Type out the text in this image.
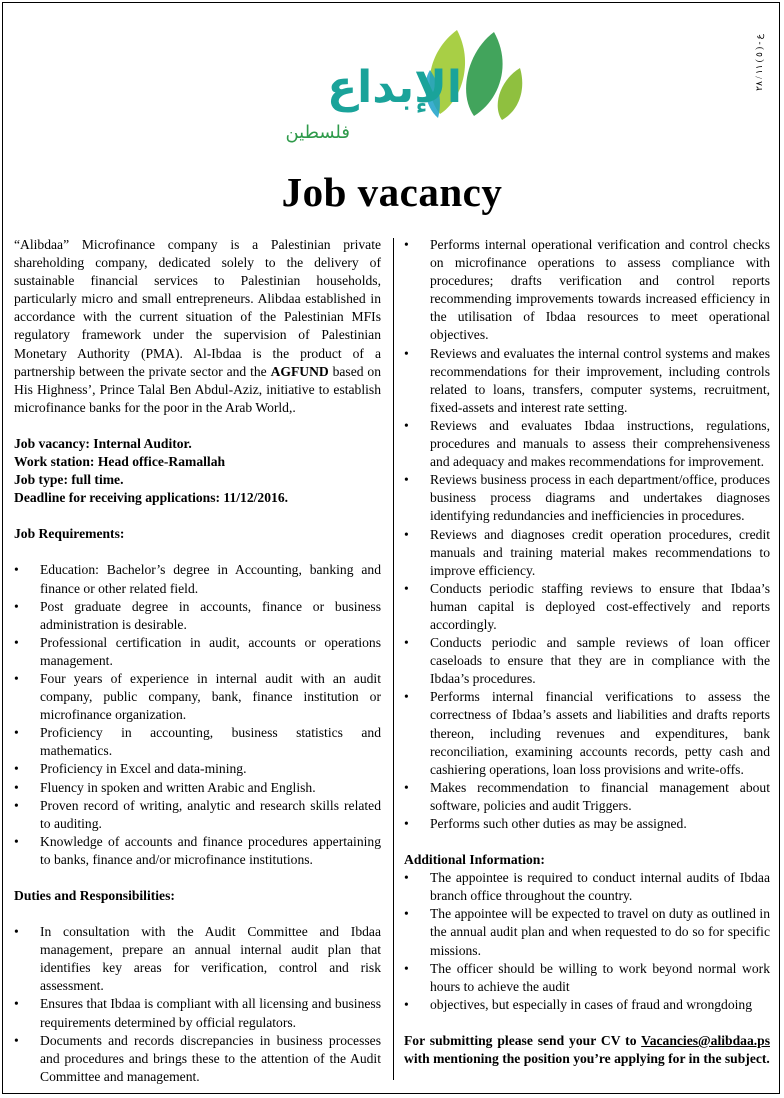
الإبداع
فلسطين
ع - ( ٥ ) ١١ / ٢٨
Job vacancy

“Alibdaa” Microfinance company is a Palestinian private shareholding company, dedicated solely to the delivery of sustainable financial services to Palestinian households, particularly micro and small entrepreneurs. Alibdaa established in accordance with the current situation of the Palestinian MFIs regulatory framework under the supervision of Palestinian Monetary Authority (PMA). Al-Ibdaa is the product of a partnership between the private sector and the AGFUND based on His Highness’, Prince Talal Ben Abdul-Aziz, initiative to establish microfinance banks for the poor in the Arab World,.

Job vacancy: Internal Auditor.

Work station: Head office-Ramallah

Job type: full time.

Deadline for receiving applications: 11/12/2016.

Job Requirements:

• Education: Bachelor’s degree in Accounting, banking and finance or other related field.
• Post graduate degree in accounts, finance or business administration is desirable.
• Professional certification in audit, accounts or operations management.
• Four years of experience in internal audit with an audit company, public company, bank, finance institution or microfinance organization.
• Proficiency in accounting, business statistics and mathematics.
• Proficiency in Excel and data-mining.
• Fluency in spoken and written Arabic and English.
• Proven record of writing, analytic and research skills related to auditing.
• Knowledge of accounts and finance procedures appertaining to banks, finance and/or microfinance institutions.

Duties and Responsibilities:

• In consultation with the Audit Committee and Ibdaa management, prepare an annual internal audit plan that identifies key areas for verification, control and risk assessment.
• Ensures that Ibdaa is compliant with all licensing and business requirements determined by official regulators.
• Documents and records discrepancies in business processes and procedures and brings these to the attention of the Audit Committee and management.
• Performs internal operational verification and control checks on microfinance operations to assess compliance with procedures; drafts verification and control reports recommending improvements towards increased efficiency in the utilisation of Ibdaa resources to meet operational objectives.
• Reviews and evaluates the internal control systems and makes recommendations for their improvement, including controls related to loans, transfers, computer systems, recruitment, fixed-assets and interest rate setting.
• Reviews and evaluates Ibdaa instructions, regulations, procedures and manuals to assess their comprehensiveness and adequacy and makes recommendations for improvement.
• Reviews business process in each department/office, produces business process diagrams and undertakes diagnoses identifying redundancies and inefficiencies in procedures.
• Reviews and diagnoses credit operation procedures, credit manuals and training material makes recommendations to improve efficiency.
• Conducts periodic staffing reviews to ensure that Ibdaa’s human capital is deployed cost-effectively and reports accordingly.
• Conducts periodic and sample reviews of loan officer caseloads to ensure that they are in compliance with the Ibdaa’s procedures.
• Performs internal financial verifications to assess the correctness of Ibdaa’s assets and liabilities and drafts reports thereon, including revenues and expenditures, bank reconciliation, examining accounts records, petty cash and cashiering operations, loan loss provisions and write-offs.
• Makes recommendation to financial management about software, policies and audit Triggers.
• Performs such other duties as may be assigned.

Additional Information:

• The appointee is required to conduct internal audits of Ibdaa branch office throughout the country.
• The appointee will be expected to travel on duty as outlined in the annual audit plan and when requested to do so for specific missions.
• The officer should be willing to work beyond normal work hours to achieve the audit
• objectives, but especially in cases of fraud and wrongdoing

For submitting please send your CV to Vacancies@alibdaa.ps with mentioning the position you’re applying for in the subject.
